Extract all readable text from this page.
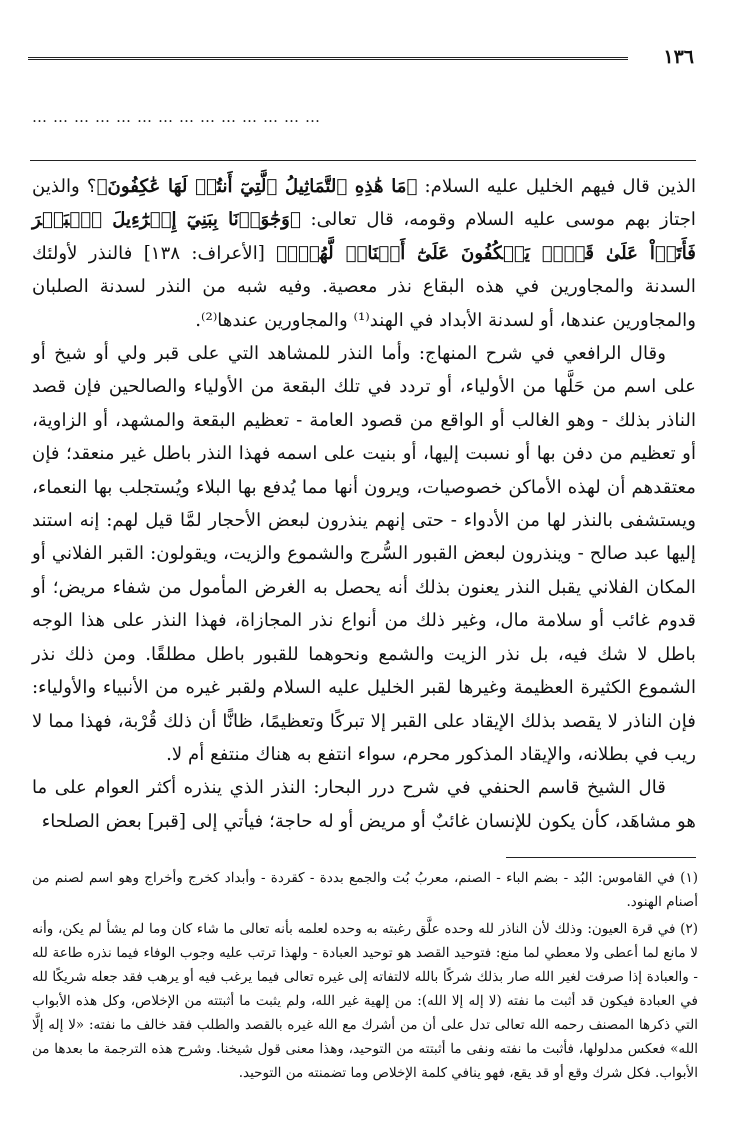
١٣٦
……………………………………

الذين قال فيهم الخليل عليه السلام: ﴿مَا هَٰذِهِ ٱلتَّمَاثِيلُ ٱلَّتِيٓ أَنتُمۡ لَهَا عَٰكِفُونَ﴾؟ والذين اجتاز بهم موسى عليه السلام وقومه، قال تعالى: ﴿وَجَٰوَزۡنَا بِبَنِيٓ إِسۡرَٰٓءِيلَ ٱلۡبَحۡرَ فَأَتَوۡاْ عَلَىٰ قَوۡمٖ يَعۡكُفُونَ عَلَىٰٓ أَصۡنَامٖ لَّهُمۡۚ﴾ [الأعراف: ١٣٨] فالنذر لأولئك السدنة والمجاورين في هذه البقاع نذر معصية. وفيه شبه من النذر لسدنة الصلبان والمجاورين عندها، أو لسدنة الأبداد في الهند⁽¹⁾ والمجاورين عندها⁽²⁾.

وقال الرافعي في شرح المنهاج: وأما النذر للمشاهد التي على قبر ولي أو شيخ أو على اسم من حَلَّها من الأولياء، أو تردد في تلك البقعة من الأولياء والصالحين فإن قصد الناذر بذلك - وهو الغالب أو الواقع من قصود العامة - تعظيم البقعة والمشهد، أو الزاوية، أو تعظيم من دفن بها أو نسبت إليها، أو بنيت على اسمه فهذا النذر باطل غير منعقد؛ فإن معتقدهم أن لهذه الأماكن خصوصيات، ويرون أنها مما يُدفع بها البلاء ويُستجلب بها النعماء، ويستشفى بالنذر لها من الأدواء - حتى إنهم ينذرون لبعض الأحجار لمَّا قيل لهم: إنه استند إليها عبد صالح - وينذرون لبعض القبور السُّرج والشموع والزيت، ويقولون: القبر الفلاني أو المكان الفلاني يقبل النذر يعنون بذلك أنه يحصل به الغرض المأمول من شفاء مريض؛ أو قدوم غائب أو سلامة مال، وغير ذلك من أنواع نذر المجازاة، فهذا النذر على هذا الوجه باطل لا شك فيه، بل نذر الزيت والشمع ونحوهما للقبور باطل مطلقًا. ومن ذلك نذر الشموع الكثيرة العظيمة وغيرها لقبر الخليل عليه السلام ولقبر غيره من الأنبياء والأولياء: فإن الناذر لا يقصد بذلك الإيقاد على القبر إلا تبركًا وتعظيمًا، ظانًّا أن ذلك قُرْبة، فهذا مما لا ريب في بطلانه، والإيقاد المذكور محرم، سواء انتفع به هناك منتفع أم لا.

قال الشيخ قاسم الحنفي في شرح درر البحار: النذر الذي ينذره أكثر العوام على ما هو مشاهَد، كأن يكون للإنسان غائبٌ أو مريض أو له حاجة؛ فيأتي إلى [قبر] بعض الصلحاء

(١) في القاموس: البُد - بضم الباء - الصنم، معربُ بُت والجمع بددة - كقردة - وأبداد كخرج وأخراج وهو اسم لصنم من أصنام الهنود.

(٢) في قرة العيون: وذلك لأن الناذر لله وحده علَّق رغبته به وحده لعلمه بأنه تعالى ما شاء كان وما لم يشأ لم يكن، وأنه لا مانع لما أعطى ولا معطي لما منع: فتوحيد القصد هو توحيد العبادة - ولهذا ترتب عليه وجوب الوفاء فيما نذره طاعة لله - والعبادة إذا صرفت لغير الله صار بذلك شركًا بالله لالتفاته إلى غيره تعالى فيما يرغب فيه أو يرهب فقد جعله شريكًا لله في العبادة فيكون قد أثبت ما نفته (لا إله إلا الله): من إلهية غير الله، ولم يثبت ما أثبتته من الإخلاص، وكل هذه الأبواب التي ذكرها المصنف رحمه الله تعالى تدل على أن من أشرك مع الله غيره بالقصد والطلب فقد خالف ما نفته: «لا إله إلَّا الله» فعكس مدلولها، فأثبت ما نفته ونفى ما أثبتته من التوحيد، وهذا معنى قول شيخنا. وشرح هذه الترجمة ما بعدها من الأبواب. فكل شرك وقع أو قد يقع، فهو ينافي كلمة الإخلاص وما تضمنته من التوحيد.
